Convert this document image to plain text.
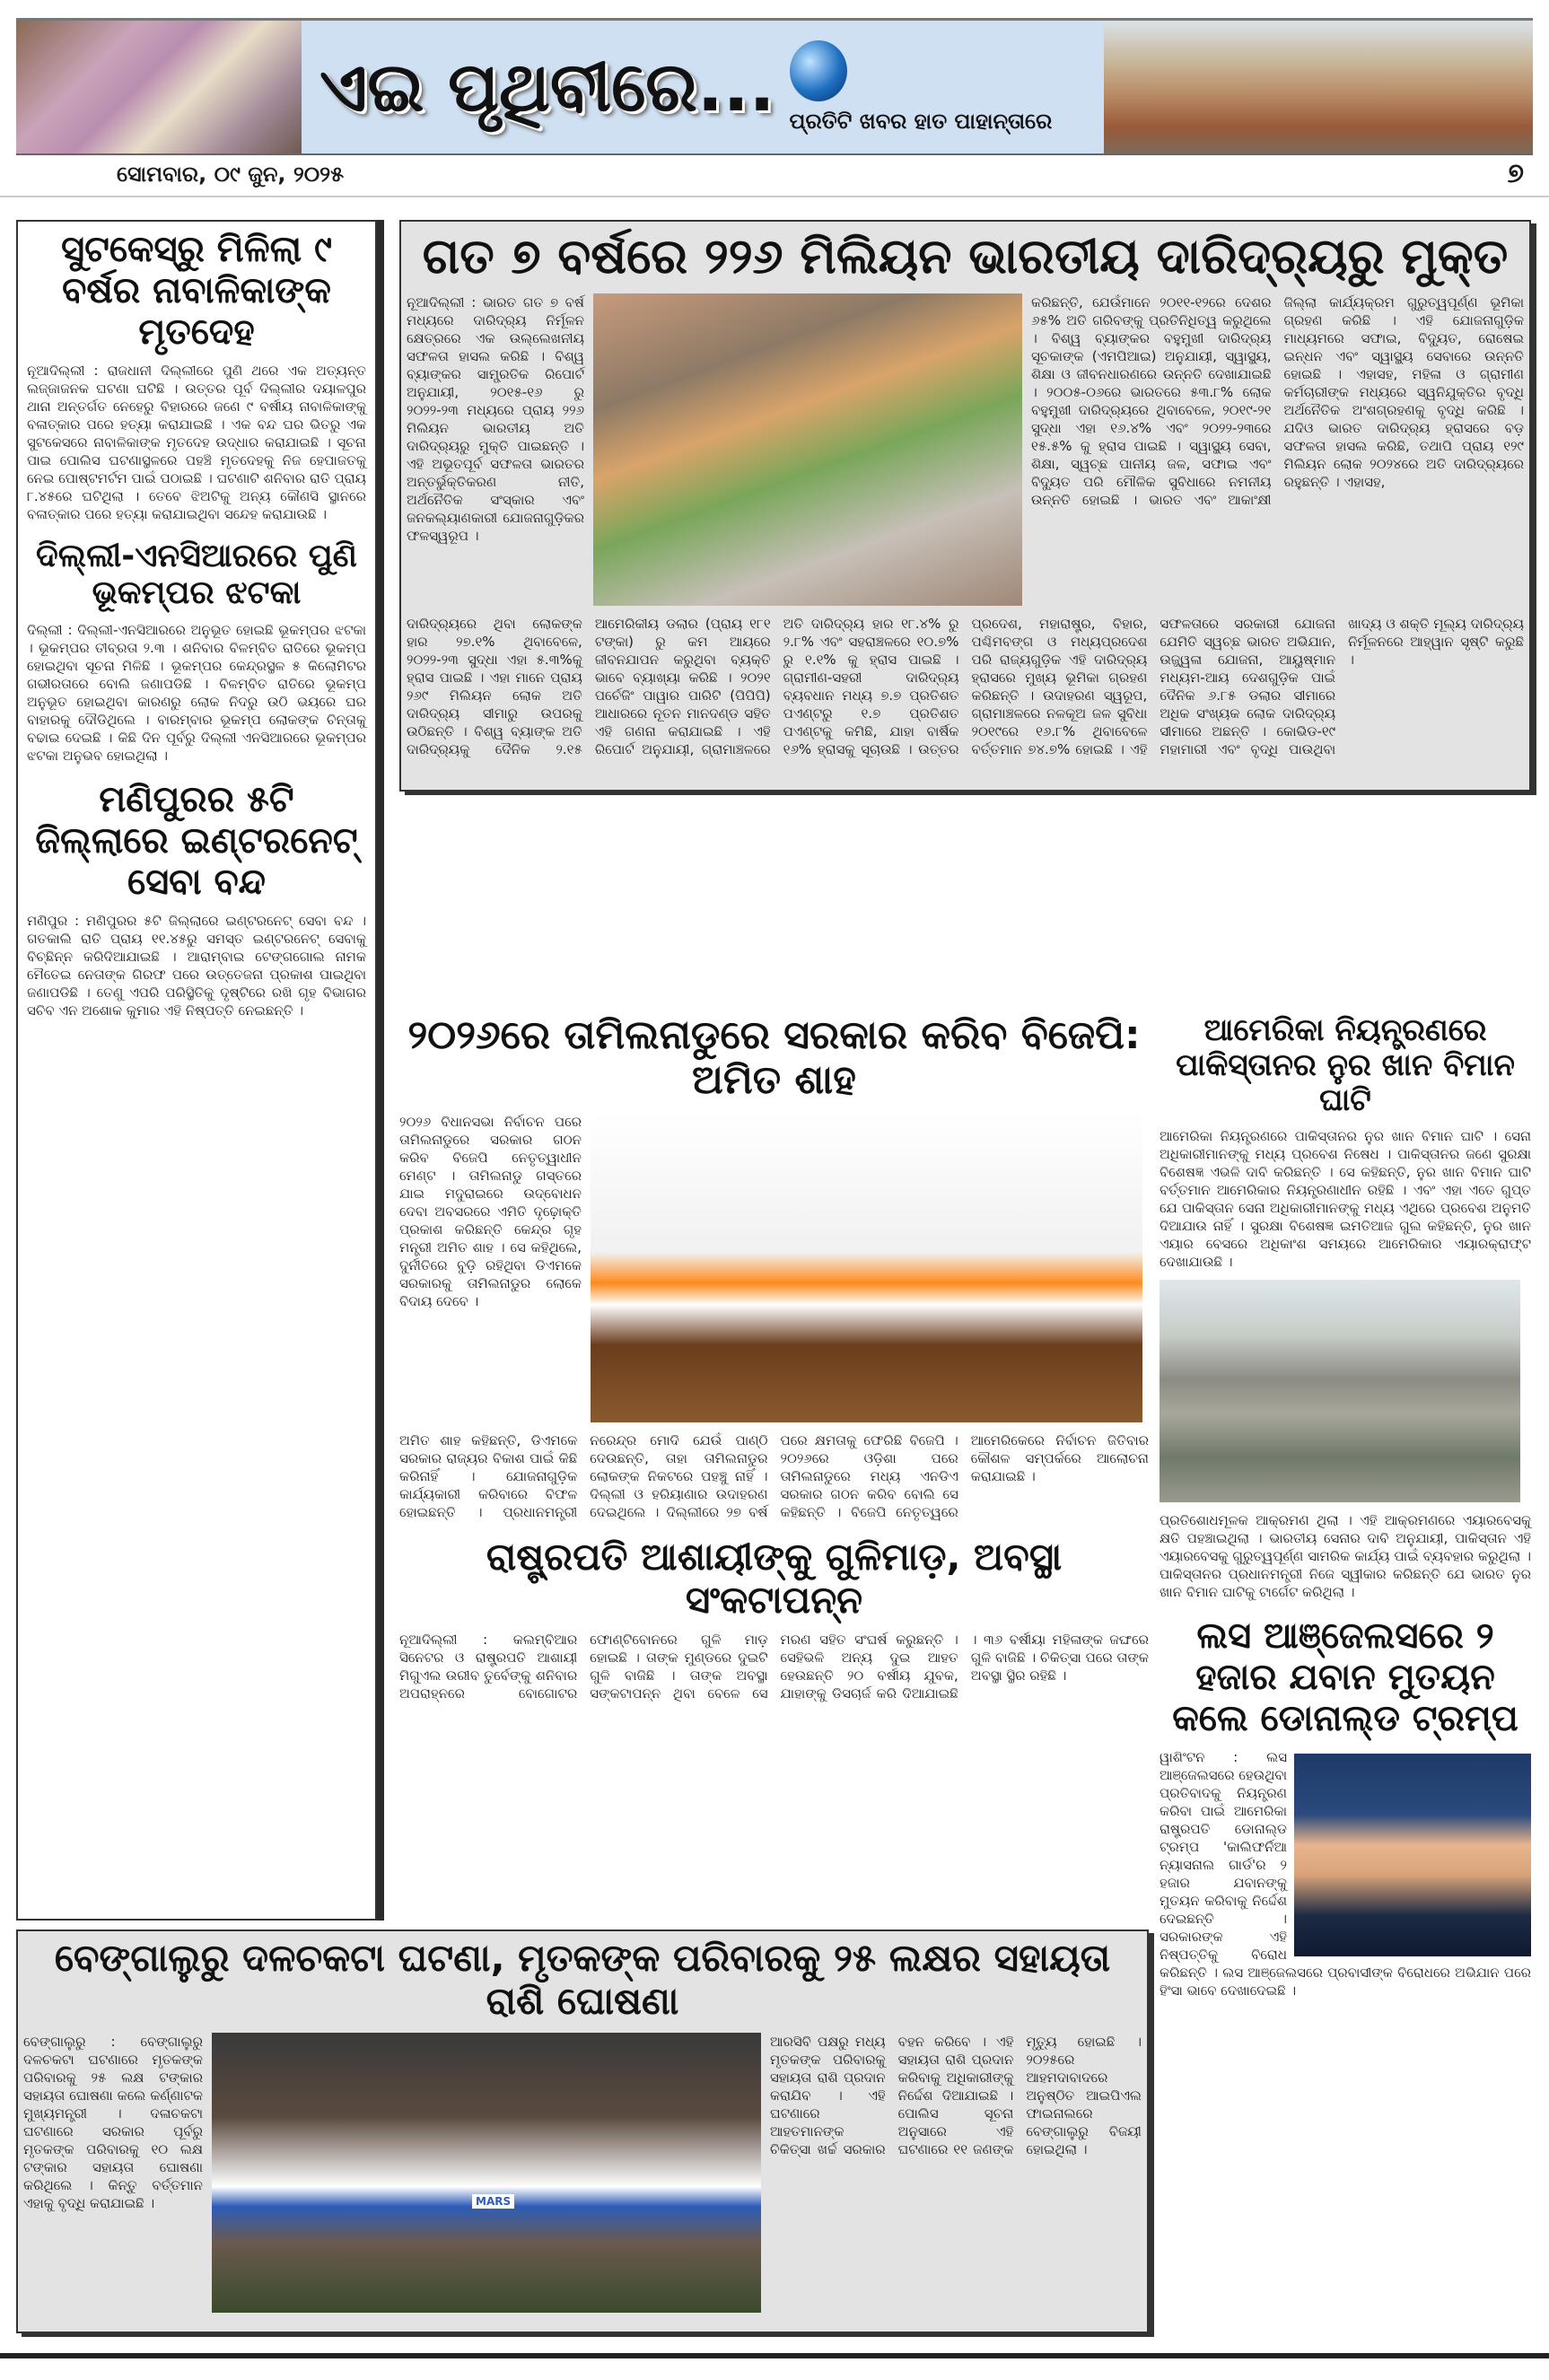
ଏଇ ପୃଥିବୀରେ... ପ୍ରତିଟି ଖବର ହାତ ପାହାନ୍ତାରେ
ସୋମବାର, ୦୯ ଜୁନ, ୨୦୨୫	୭
ସୁଟକେସ୍‌ରୁ ମିଳିଲା ୯ ବର୍ଷର ନାବାଳିକାଙ୍କ ମୃତଦେହ
ନୂଆଦିଲ୍ଲୀ : ରାଜଧାନୀ ଦିଲ୍ଲୀରେ ପୁଣି ଥରେ ଏକ ଅତ୍ୟନ୍ତ ଲଜ୍ଜାଜନକ ଘଟଣା ଘଟିଛି । ଉତ୍ତର ପୂର୍ବ ଦିଲ୍ଲୀର ଦୟାଳପୁର ଥାନା ଅନ୍ତର୍ଗତ ନେହେରୁ ବିହାରରେ ଜଣେ ୯ ବର୍ଷୀୟ ନାବାଳିକାଙ୍କୁ ବଳାତ୍କାର ପରେ ହତ୍ୟା କରାଯାଇଛି । ଏକ ବନ୍ଦ ଘର ଭିତରୁ ଏକ ସୁଟକେସରେ ନାବାଳିକାଙ୍କ ମୃତଦେହ ଉଦ୍ଧାର କରାଯାଇଛି । ସୂଚନା ପାଇ ପୋଲିସ ଘଟଣାସ୍ଥଳରେ ପହଞ୍ଚି ମୃତଦେହକୁ ନିଜ ହେପାଜତକୁ ନେଇ ପୋଷ୍ଟମର୍ଟମ ପାଇଁ ପଠାଇଛି । ଘଟଣାଟି ଶନିବାର ରାତି ପ୍ରାୟ ୮.୪୫ରେ ଘଟିଥିଲା । ତେବେ ଝିଅଟିକୁ ଅନ୍ୟ କୌଣସି ସ୍ଥାନରେ ବଳାତ୍କାର ପରେ ହତ୍ୟା କରାଯାଇଥିବା ସନ୍ଦେହ କରାଯାଉଛି ।
ଦିଲ୍ଲୀ-ଏନସିଆରରେ ପୁଣି ଭୂକମ୍ପର ଝଟକା
ଦିଲ୍ଲୀ : ଦିଲ୍ଲୀ-ଏନସିଆରରେ ଅନୁଭୂତ ହୋଇଛି ଭୂକମ୍ପର ଝଟକା । ଭୂକମ୍ପର ତୀବ୍ରତା ୨.୩ । ଶନିବାର ବିଳମ୍ବିତ ରାତିରେ ଭୂକମ୍ପ ହୋଇଥିବା ସୂଚନା ମିଳିଛି । ଭୂକମ୍ପର କେନ୍ଦ୍ରସ୍ଥଳ ୫ କିଲୋମିଟର ଗଭୀରତାରେ ବୋଲି ଜଣାପଡିଛି । ବିଳମ୍ବିତ ରାତିରେ ଭୂକମ୍ପ ଅନୁଭୂତ ହୋଇଥିବା କାରଣରୁ ଲୋକ ନିଦରୁ ଉଠି ଭୟରେ ଘର ବାହାରକୁ ଦୌଡିଥିଲେ । ବାରମ୍ବାର ଭୂକମ୍ପ ଲୋକଙ୍କ ଚିନ୍ତାକୁ ବଢାଇ ଦେଇଛି । କିଛି ଦିନ ପୂର୍ବରୁ ଦିଲ୍ଲୀ ଏନସିଆରରେ ଭୂକମ୍ପର ଝଟକା ଅନୁଭବ ହୋଇଥିଲା ।
ମଣିପୁରର ୫ଟି ଜିଲ୍ଲାରେ ଇଣ୍ଟରନେଟ୍ ସେବା ବନ୍ଦ
ମଣିପୁର : ମଣିପୁରର ୫ଟି ଜିଲ୍ଲାରେ ଇଣ୍ଟରନେଟ୍ ସେବା ବନ୍ଦ । ଗତକାଲି ରାତି ପ୍ରାୟ ୧୧.୪୫ରୁ ସମସ୍ତ ଇଣ୍ଟରନେଟ୍ ସେବାକୁ ବିଚ୍ଛିନ୍ନ କରିଦିଆଯାଇଛି । ଆରାମ୍ବାଇ ଟେଙ୍ଗଗୋଲ ନାମକ ମୈତେଇ ନେତାଙ୍କ ଗିରଫ ପରେ ଉତ୍ତେଜନା ପ୍ରକାଶ ପାଇଥିବା ଜଣାପଡିଛି । ତେଣୁ ଏପରି ପରିସ୍ଥିତିକୁ ଦୃଷ୍ଟିରେ ରଖି ଗୃହ ବିଭାଗର ସଚିବ ଏନ ଅଶୋକ କୁମାର ଏହି ନିଷ୍ପତ୍ତି ନେଇଛନ୍ତି ।
ଗତ ୭ ବର୍ଷରେ ୨୨୬ ମିଲିୟନ ଭାରତୀୟ ଦାରିଦ୍ର୍ୟରୁ ମୁକ୍ତ
ନୂଆଦିଲ୍ଲୀ : ଭାରତ ଗତ ୭ ବର୍ଷ ମଧ୍ୟରେ ଦାରିଦ୍ର୍ୟ ନିର୍ମୂଳନ କ୍ଷେତ୍ରରେ ଏକ ଉଲ୍ଲେଖନୀୟ ସଫଳତା ହାସଲ କରିଛି । ବିଶ୍ୱ ବ୍ୟାଙ୍କର ସାମ୍ପ୍ରତିକ ରିପୋର୍ଟ ଅନୁଯାୟୀ, ୨୦୧୫-୧୬ ରୁ ୨୦୨୨-୨୩ ମଧ୍ୟରେ ପ୍ରାୟ ୨୨୬ ମିଲିୟନ ଭାରତୀୟ ଅତି ଦାରିଦ୍ର୍ୟରୁ ମୁକ୍ତି ପାଇଛନ୍ତି । ଏହି ଅଭୂତପୂର୍ବ ସଫଳତା ଭାରତର ଅନ୍ତର୍ଭୁକ୍ତିକରଣ ନୀତି, ଅର୍ଥନୈତିକ ସଂସ୍କାର ଏବଂ ଜନକଲ୍ୟାଣକାରୀ ଯୋଜନାଗୁଡ଼ିକର ଫଳସ୍ୱରୂପ ।
କରିଛନ୍ତି, ଯେଉଁମାନେ ୨୦୧୧-୧୨ରେ ଦେଶର ୬୫% ଅତି ଗରିବଙ୍କୁ ପ୍ରତିନିଧିତ୍ୱ କରୁଥିଲେ । ବିଶ୍ୱ ବ୍ୟାଙ୍କର ବହୁମୁଖୀ ଦାରିଦ୍ର୍ୟ ସୂଚକାଙ୍କ (ଏମପିଆଇ) ଅନୁଯାୟୀ, ସ୍ୱାସ୍ଥ୍ୟ, ଶିକ୍ଷା ଓ ଜୀବନଧାରଣରେ ଉନ୍ନତି ଦେଖାଯାଇଛି । ୨୦୦୫-୦୬ରେ ଭାରତରେ ୫୩.୮% ଲୋକ ବହୁମୁଖୀ ଦାରିଦ୍ର୍ୟରେ ଥିବାବେଳେ, ୨୦୧୯-୨୧ ସୁଦ୍ଧା ଏହା ୧୬.୪% ଏବଂ ୨୦୨୨-୨୩ରେ ୧୫.୫% କୁ ହ୍ରାସ ପାଇଛି । ସ୍ୱାସ୍ଥ୍ୟ ସେବା, ଶିକ୍ଷା, ସ୍ୱଚ୍ଛ ପାନୀୟ ଜଳ, ସଫାଇ ଏବଂ ବିଦ୍ୟୁତ ପରି ମୌଳିକ ସୁବିଧାରେ ନମନୀୟ ଉନ୍ନତି ହୋଇଛି । ଭାରତ ଏବଂ ଆକାଂକ୍ଷୀ ଜିଲ୍ଲା କାର୍ଯ୍ୟକ୍ରମ ଗୁରୁତ୍ୱପୂର୍ଣ୍ଣ ଭୂମିକା ଗ୍ରହଣ କରିଛି । ଏହି ଯୋଜନାଗୁଡ଼ିକ ମାଧ୍ୟମରେ ସଫାଇ, ବିଦ୍ୟୁତ, ରୋଷେଇ ଇନ୍ଧନ ଏବଂ ସ୍ୱାସ୍ଥ୍ୟ ସେବାରେ ଉନ୍ନତି ହୋଇଛି । ଏହାସହ, ମହିଳା ଓ ଗ୍ରାମୀଣ କର୍ମଚାରୀଙ୍କ ମଧ୍ୟରେ ସ୍ୱନିଯୁକ୍ତିର ବୃଦ୍ଧି ଅର୍ଥନୈତିକ ଅଂଶଗ୍ରହଣକୁ ବୃଦ୍ଧି କରିଛି । ଯଦିଓ ଭାରତ ଦାରିଦ୍ର୍ୟ ହ୍ରାସରେ ବଡ଼ ସଫଳତା ହାସଲ କରିଛି, ତଥାପି ପ୍ରାୟ ୧୨୯ ମିଲିୟନ ଲୋକ ୨୦୨୪ରେ ଅତି ଦାରିଦ୍ର୍ୟରେ ରହୁଛନ୍ତି । ଏହାସହ,
ଦାରିଦ୍ର୍ୟରେ ଥିବା ଲୋକଙ୍କ ହାର ୨୭.୧% ଥିବାବେଳେ, ୨୦୨୨-୨୩ ସୁଦ୍ଧା ଏହା ୫.୩%କୁ ହ୍ରାସ ପାଇଛି । ଏହା ମାନେ ପ୍ରାୟ ୨୬୯ ମିଲିୟନ ଲୋକ ଅତି ଦାରିଦ୍ର୍ୟ ସୀମାରୁ ଉପରକୁ ଉଠିଛନ୍ତି । ବିଶ୍ୱ ବ୍ୟାଙ୍କ ଅତି ଦାରିଦ୍ର୍ୟକୁ ଦୈନିକ ୨.୧୫ ଆମେରିକୀୟ ଡଲାର (ପ୍ରାୟ ୧୮୧ ଟଙ୍କା) ରୁ କମ ଆୟରେ ଜୀବନଯାପନ କରୁଥିବା ବ୍ୟକ୍ତି ଭାବେ ବ୍ୟାଖ୍ୟା କରିଛି । ୨୦୨୧ ପର୍ଚେଜିଂ ପାୱାର ପାରିଟି (ପିପିପି) ଆଧାରରେ ନୂତନ ମାନଦଣ୍ଡ ସହିତ ଏହି ଗଣନା କରାଯାଇଛି । ଏହି ରିପୋର୍ଟ ଅନୁଯାୟୀ, ଗ୍ରାମାଞ୍ଚଳରେ ଅତି ଦାରିଦ୍ର୍ୟ ହାର ୧୮.୪% ରୁ ୨.୮% ଏବଂ ସହରାଞ୍ଚଳରେ ୧୦.୭% ରୁ ୧.୧% କୁ ହ୍ରାସ ପାଇଛି । ଗ୍ରାମୀଣ-ସହରୀ ଦାରିଦ୍ର୍ୟ ବ୍ୟବଧାନ ମଧ୍ୟ ୭.୭ ପ୍ରତିଶତ ପଏଣ୍ଟରୁ ୧.୭ ପ୍ରତିଶତ ପଏଣ୍ଟକୁ କମିଛି, ଯାହା ବାର୍ଷିକ ୧୬% ହ୍ରାସକୁ ସୂଚାଉଛି । ଉତ୍ତର ପ୍ରଦେଶ, ମହାରାଷ୍ଟ୍ର, ବିହାର, ପଶ୍ଚିମବଙ୍ଗ ଓ ମଧ୍ୟପ୍ରଦେଶ ପରି ରାଜ୍ୟଗୁଡ଼ିକ ଏହି ଦାରିଦ୍ର୍ୟ ହ୍ରାସରେ ମୁଖ୍ୟ ଭୂମିକା ଗ୍ରହଣ କରିଛନ୍ତି । ଉଦାହରଣ ସ୍ୱରୂପ, ଗ୍ରାମାଞ୍ଚଳରେ ନଳକୂଅ ଜଳ ସୁବିଧା ୨୦୧୯ରେ ୧୬.୮% ଥିବାବେଳେ ବର୍ତ୍ତମାନ ୭୪.୭% ହୋଇଛି । ଏହି ସଫଳତାରେ ସରକାରୀ ଯୋଜନା ଯେମିତି ସ୍ୱଚ୍ଛ ଭାରତ ଅଭିଯାନ, ଉଜ୍ଜ୍ୱଳା ଯୋଜନା, ଆୟୁଷ୍ମାନ ମଧ୍ୟମ-ଆୟ ଦେଶଗୁଡ଼ିକ ପାଇଁ ଦୈନିକ ୬.୮୫ ଡଲାର ସୀମାରେ ଅଧିକ ସଂଖ୍ୟକ ଲୋକ ଦାରିଦ୍ର୍ୟ ସୀମାରେ ଅଛନ୍ତି । କୋଭିଡ-୧୯ ମହାମାରୀ ଏବଂ ବୃଦ୍ଧି ପାଉଥିବା ଖାଦ୍ୟ ଓ ଶକ୍ତି ମୂଲ୍ୟ ଦାରିଦ୍ର୍ୟ ନିର୍ମୂଳନରେ ଆହ୍ୱାନ ସୃଷ୍ଟି କରୁଛି ।
୨୦୨୬ରେ ତାମିଲନାଡୁରେ ସରକାର କରିବ ବିଜେପି: ଅମିତ ଶାହ
୨୦୨୬ ବିଧାନସଭା ନିର୍ବାଚନ ପରେ ତାମିଲନାଡୁରେ ସରକାର ଗଠନ କରିବ ବିଜେପି ନେତୃତ୍ୱାଧୀନ ମେଣ୍ଟ । ତାମିଲନାଡୁ ଗସ୍ତରେ ଯାଇ ମଦୁରାଇରେ ଉଦ୍‌ବୋଧନ ଦେବା ଅବସରରେ ଏମିତି ଦୃଢ଼ୋକ୍ତି ପ୍ରକାଶ କରିଛନ୍ତି କେନ୍ଦ୍ର ଗୃହ ମନ୍ତ୍ରୀ ଅମିତ ଶାହ । ସେ କହିଥିଲେ, ଦୁର୍ନୀତିରେ ବୁଡ଼ି ରହିଥିବା ଡିଏମକେ ସରକାରକୁ ତାମିଲନାଡୁର ଲୋକେ ବିଦାୟ ଦେବେ ।
ଅମିତ ଶାହ କହିଛନ୍ତି, ଡିଏମକେ ସରକାର ରାଜ୍ୟର ବିକାଶ ପାଇଁ କିଛି କରିନାହିଁ । ଯୋଜନାଗୁଡ଼ିକ କାର୍ଯ୍ୟକାରୀ କରିବାରେ ବିଫଳ ହୋଇଛନ୍ତି । ପ୍ରଧାନମନ୍ତ୍ରୀ ନରେନ୍ଦ୍ର ମୋଦି ଯେଉଁ ପାଣ୍ଠି ଦେଉଛନ୍ତି, ତାହା ତାମିଲନାଡୁର ଲୋକଙ୍କ ନିକଟରେ ପହଞ୍ଚୁ ନାହିଁ । ଦିଲ୍ଲୀ ଓ ହରିୟାଣାର ଉଦାହରଣ ଦେଇଥିଲେ । ଦିଲ୍ଲୀରେ ୨୭ ବର୍ଷ ପରେ କ୍ଷମତାକୁ ଫେରିଛି ବିଜେପି । ୨୦୨୬ରେ ଓଡ଼ିଶା ପରେ ତାମିଲନାଡୁରେ ମଧ୍ୟ ଏନଡିଏ ସରକାର ଗଠନ କରିବ ବୋଲି ସେ କହିଛନ୍ତି । ବିଜେପି ନେତୃତ୍ୱରେ ଆମେରିକେରେ ନିର୍ବାଚନ ଜିତିବାର କୌଶଳ ସମ୍ପର୍କରେ ଆଲୋଚନା କରାଯାଇଛି ।
ରାଷ୍ଟ୍ରପତି ଆଶାୟୀଙ୍କୁ ଗୁଳିମାଡ଼, ଅବସ୍ଥା ସଂକଟାପନ୍ନ
ନୂଆଦିଲ୍ଲୀ : କଲମ୍ବିଆର ସିନେଟର ଓ ରାଷ୍ଟ୍ରପତି ଆଶାୟୀ ମିଗୁଏଲ ଉରୀବ ତୁର୍ବେଙ୍କୁ ଶନିବାର ଅପରାହ୍ନରେ ବୋଗୋଟର ଫୋଣ୍ଟିବୋନରେ ଗୁଳି ମାଡ଼ ହୋଇଛି । ତାଙ୍କ ମୁଣ୍ଡରେ ଦୁଇଟି ଗୁଳି ବାଜିଛି । ତାଙ୍କ ଅବସ୍ଥା ସଙ୍କଟାପନ୍ନ ଥିବା ବେଳେ ସେ ମରଣ ସହିତ ସଂଘର୍ଷ କରୁଛନ୍ତି । ସେହିଭଳି ଅନ୍ୟ ଦୁଇ ଆହତ ହେଉଛନ୍ତି ୨୦ ବର୍ଷୀୟ ଯୁବକ, ଯାହାଙ୍କୁ ଡିସଚାର୍ଜ କରି ଦିଆଯାଇଛି । ୩୬ ବର୍ଷୀୟା ମହିଳାଙ୍କ ଜଙ୍ଘରେ ଗୁଳି ବାଜିଛି । ଚିକିତ୍ସା ପରେ ତାଙ୍କ ଅବସ୍ଥା ସ୍ଥିର ରହିଛି ।
ଆମେରିକା ନିୟନ୍ତ୍ରଣରେ ପାକିସ୍ତାନର ନୁର ଖାନ ବିମାନ ଘାଟି
ଆମେରିକା ନିୟନ୍ତ୍ରଣରେ ପାକିସ୍ତାନର ନୁର ଖାନ ବିମାନ ଘାଟି । ସେନା ଅଧିକାରୀମାନଙ୍କୁ ମଧ୍ୟ ପ୍ରବେଶ ନିଷେଧ । ପାକିସ୍ତାନର ଜଣେ ସୁରକ୍ଷା ବିଶେଷଜ୍ଞ ଏଭଳି ଦାବି କରିଛନ୍ତି । ସେ କହିଛନ୍ତି, ନୁର ଖାନ ବିମାନ ଘାଟି ବର୍ତ୍ତମାନ ଆମେରିକାର ନିୟନ୍ତ୍ରଣାଧୀନ ରହିଛି । ଏବଂ ଏହା ଏତେ ଗୁପ୍ତ ଯେ ପାକିସ୍ତାନ ସେନା ଅଧିକାରୀମାନଙ୍କୁ ମଧ୍ୟ ଏଥିରେ ପ୍ରବେଶ ଅନୁମତି ଦିଆଯାଉ ନାହିଁ । ସୁରକ୍ଷା ବିଶେଷଜ୍ଞ ଇମତିଆଜ ଗୁଲ କହିଛନ୍ତି, ନୁର ଖାନ ଏୟାର ବେସରେ ଅଧିକାଂଶ ସମୟରେ ଆମେରିକାର ଏୟାରକ୍ରାଫ୍ଟ ଦେଖାଯାଉଛି ।
ପ୍ରତିଶୋଧମୂଳକ ଆକ୍ରମଣ ଥିଲା । ଏହି ଆକ୍ରମଣରେ ଏୟାରବେସକୁ କ୍ଷତି ପହଞ୍ଚାଇଥିଲା । ଭାରତୀୟ ସେନାର ଦାବି ଅନୁଯାୟୀ, ପାକିସ୍ତାନ ଏହି ଏୟାରବେସକୁ ଗୁରୁତ୍ୱପୂର୍ଣ୍ଣ ସାମରିକ କାର୍ଯ୍ୟ ପାଇଁ ବ୍ୟବହାର କରୁଥିଲା । ପାକିସ୍ତାନର ପ୍ରଧାନମନ୍ତ୍ରୀ ନିଜେ ସ୍ୱୀକାର କରିଛନ୍ତି ଯେ ଭାରତ ନୁର ଖାନ ବିମାନ ଘାଟିକୁ ଟାର୍ଗେଟ କରିଥିଲା ।
ଲସ ଆଞ୍ଜେଲସରେ ୨ ହଜାର ଯବାନ ମୁତୟନ କଲେ ଡୋନାଲ୍ଡ ଟ୍ରମ୍ପ
ୱାଶିଂଟନ : ଲସ ଆଞ୍ଜେଲସରେ ହେଉଥିବା ପ୍ରତିବାଦକୁ ନିୟନ୍ତ୍ରଣ କରିବା ପାଇଁ ଆମେରିକା ରାଷ୍ଟ୍ରପତି ଡୋନାଲ୍ଡ ଟ୍ରମ୍ପ 'କାଲିଫର୍ନିଆ ନ୍ୟାସନାଲ ଗାର୍ଡ'ର ୨ ହଜାର ଯବାନଙ୍କୁ ମୁତୟନ କରିବାକୁ ନିର୍ଦ୍ଦେଶ ଦେଇଛନ୍ତି । ସରକାରଙ୍କ ଏହି ନିଷ୍ପତ୍ତିକୁ ବିରୋଧ କରିଛନ୍ତି । ଲସ ଆଞ୍ଜେଲସରେ ପ୍ରବାସୀଙ୍କ ବିରୋଧରେ ଅଭିଯାନ ପରେ ହିଂସା ଭାବେ ଦେଖାଦେଇଛି ।
ବେଙ୍ଗାଲୁରୁ ଦଳଚକଟା ଘଟଣା, ମୃତକଙ୍କ ପରିବାରକୁ ୨୫ ଲକ୍ଷର ସହାୟତା ରାଶି ଘୋଷଣା
ବେଙ୍ଗାଲୁରୁ : ବେଙ୍ଗାଲୁରୁ ଦଳଚକଟା ଘଟଣାରେ ମୃତକଙ୍କ ପରିବାରକୁ ୨୫ ଲକ୍ଷ ଟଙ୍କାର ସହାୟତା ଘୋଷଣା କଲେ କର୍ଣ୍ଣାଟକ ମୁଖ୍ୟମନ୍ତ୍ରୀ । ଦଳାଚକଟା ଘଟଣାରେ ସରକାର ପୂର୍ବରୁ ମୃତକଙ୍କ ପରିବାରକୁ ୧୦ ଲକ୍ଷ ଟଙ୍କାର ସହାୟତା ଘୋଷଣା କରିଥିଲେ । କିନ୍ତୁ ବର୍ତ୍ତମାନ ଏହାକୁ ବୃଦ୍ଧି କରାଯାଇଛି ।	MARS
ଆରସିବି ପକ୍ଷରୁ ମଧ୍ୟ ମୃତକଙ୍କ ପରିବାରକୁ ସହାୟତା ରାଶି ପ୍ରଦାନ କରାଯିବ । ଏହି ଘଟଣାରେ ଆହତମାନଙ୍କ ଚିକିତ୍ସା ଖର୍ଚ୍ଚ ସରକାର ବହନ କରିବେ । ଏହି ସହାୟତା ରାଶି ପ୍ରଦାନ କରିବାକୁ ଅଧିକାରୀଙ୍କୁ ନିର୍ଦ୍ଦେଶ ଦିଆଯାଇଛି । ପୋଲିସ ସୂଚନା ଅନୁସାରେ ଏହି ଘଟଣାରେ ୧୧ ଜଣଙ୍କ ମୃତ୍ୟୁ ହୋଇଛି । ୨୦୨୫ରେ ଆହମଦାବାଦରେ ଅନୁଷ୍ଠିତ ଆଇପିଏଲ ଫାଇନାଲରେ ବେଙ୍ଗାଲୁରୁ ବିଜୟୀ ହୋଇଥିଲା ।
